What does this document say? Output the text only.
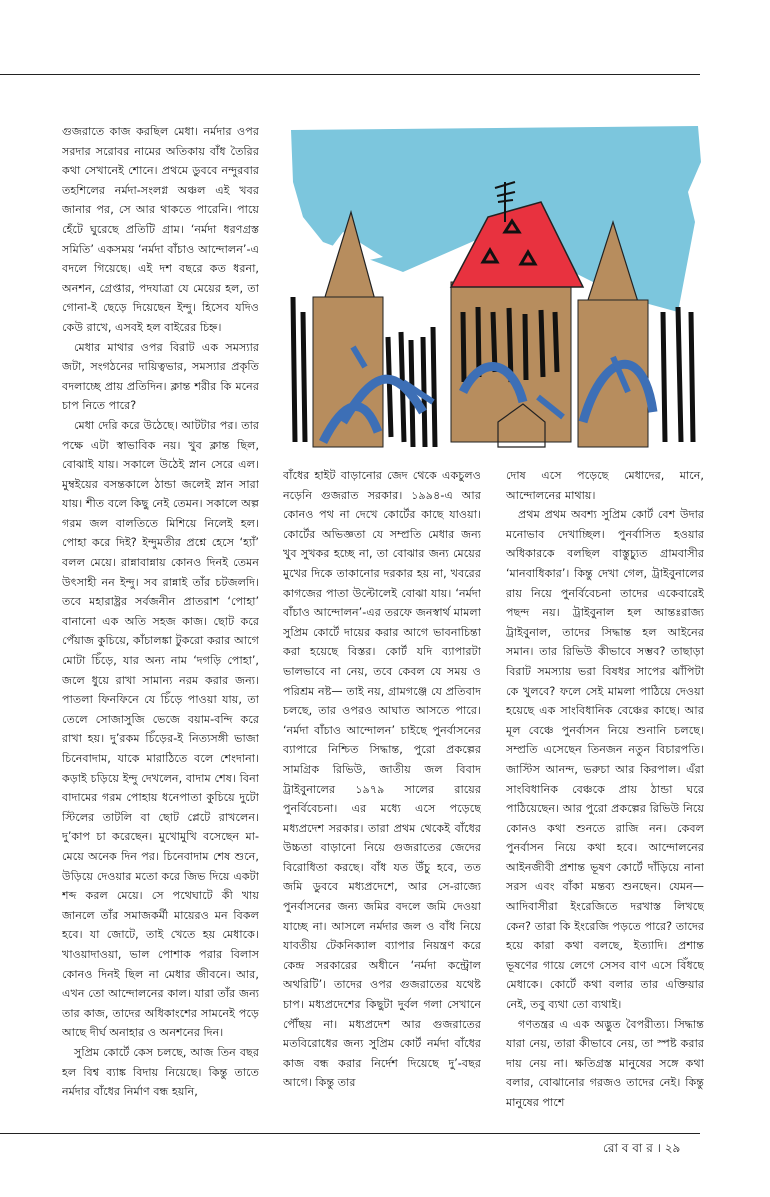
গুজরাতে কাজ করছিল মেধা। নর্মদার ওপর সরদার সরোবর নামের অতিকায় বাঁধ তৈরির কথা সেখানেই শোনে। প্রথমে ডুববে নন্দুরবার তহশিলের নর্মদা-সংলগ্ন অঞ্চল এই খবর জানার পর, সে আর থাকতে পারেনি। পায়ে হেঁটে ঘুরেছে প্রতিটি গ্রাম। ‘নর্মদা ধরণগ্রস্ত সমিতি’ একসময় ‘নর্মদা বাঁচাও আন্দোলন’-এ বদলে গিয়েছে। এই দশ বছরে কত ধরনা, অনশন, গ্রেপ্তার, পদযাত্রা যে মেয়ের হল, তা গোনা-ই ছেড়ে দিয়েছেন ইন্দু। হিসেব যদিও কেউ রাখে, এসবই হল বাইরের চিহ্ন।

মেধার মাথার ওপর বিরাট এক সমস্যার জটা, সংগঠনের দায়িত্বভার, সমস্যার প্রকৃতি বদলাচ্ছে প্রায় প্রতিদিন। ক্লান্ত শরীর কি মনের চাপ নিতে পারে?

মেধা দেরি করে উঠেছে। আটটার পর। তার পক্ষে এটা স্বাভাবিক নয়। খুব ক্লান্ত ছিল, বোঝাই যায়। সকালে উঠেই স্নান সেরে এল। মুম্বইয়ের বসন্তকালে ঠান্ডা জলেই স্নান সারা যায়। শীত বলে কিছু নেই তেমন। সকালে অল্প গরম জল বালতিতে মিশিয়ে নিলেই হল। পোহা করে দিই? ইন্দুমতীর প্রশ্নে হেসে ‘হ্যাঁ’ বলল মেয়ে। রান্নাবান্নায় কোনও দিনই তেমন উৎসাহী নন ইন্দু। সব রান্নাই তাঁর চটজলদি। তবে মহারাষ্ট্রর সর্বজনীন প্রাতরাশ ‘পোহা’ বানানো এক অতি সহজ কাজ। ছোট করে পেঁয়াজ কুচিয়ে, কাঁচালঙ্কা টুকরো করার আগে মোটা চিঁড়ে, যার অন্য নাম ‘দগড়ি পোহা’, জলে ধুয়ে রাখা সামান্য নরম করার জন্য। পাতলা ফিনফিনে যে চিঁড়ে পাওয়া যায়, তা তেলে সোজাসুজি ভেজে বয়াম-বন্দি করে রাখা হয়। দু’রকম চিঁড়ের-ই নিত্যসঙ্গী ভাজা চিনেবাদাম, যাকে মারাঠিতে বলে শেংদানা। কড়াই চড়িয়ে ইন্দু দেখলেন, বাদাম শেষ। বিনা বাদামের গরম পোহায় ধনেপাতা কুচিয়ে দুটো স্টিলের তাটলি বা ছোট প্লেটে রাখলেন। দু’কাপ চা করেছেন। মুখোমুখি বসেছেন মা-মেয়ে অনেক দিন পর। চিনেবাদাম শেষ শুনে, উড়িয়ে দেওয়ার মতো করে জিভ দিয়ে একটা শব্দ করল মেয়ে। সে পথেঘাটে কী খায় জানলে তাঁর সমাজকর্মী মায়েরও মন বিকল হবে। যা জোটে, তাই খেতে হয় মেধাকে। খাওয়াদাওয়া, ভাল পোশাক পরার বিলাস কোনও দিনই ছিল না মেধার জীবনে। আর, এখন তো আন্দোলনের কাল। যারা তাঁর জন্য তার কাজ, তাদের অধিকাংশের সামনেই পড়ে আছে দীর্ঘ অনাহার ও অনশনের দিন।

সুপ্রিম কোর্টে কেস চলছে, আজ তিন বছর হল বিশ্ব ব্যাঙ্ক বিদায় নিয়েছে। কিন্তু তাতে নর্মদার বাঁধের নির্মাণ বন্ধ হয়নি,

বাঁধের হাইট বাড়ানোর জেদ থেকে একচুলও নড়েনি গুজরাত সরকার। ১৯৯৪-এ আর কোনও পথ না দেখে কোর্টের কাছে যাওয়া। কোর্টের অভিজ্ঞতা যে সম্প্রতি মেধার জন্য খুব সুখকর হচ্ছে না, তা বোঝার জন্য মেয়ের মুখের দিকে তাকানোর দরকার হয় না, খবরের কাগজের পাতা উল্টোলেই বোঝা যায়। ‘নর্মদা বাঁচাও আন্দোলন’-এর তরফে জনস্বার্থ মামলা সুপ্রিম কোর্টে দায়ের করার আগে ভাবনাচিন্তা করা হয়েছে বিস্তর। কোর্ট যদি ব্যাপারটা ভালভাবে না নেয়, তবে কেবল যে সময় ও পরিশ্রম নষ্ট— তাই নয়, গ্রামগঞ্জে যে প্রতিবাদ চলছে, তার ওপরও আঘাত আসতে পারে। ‘নর্মদা বাঁচাও আন্দোলন’ চাইছে পুনর্বাসনের ব্যাপারে নিশ্চিত সিদ্ধান্ত, পুরো প্রকল্পের সামগ্রিক রিভিউ, জাতীয় জল বিবাদ ট্রাইবুনালের ১৯৭৯ সালের রায়ের পুনর্বিবেচনা। এর মধ্যে এসে পড়েছে মধ্যপ্রদেশ সরকার। তারা প্রথম থেকেই বাঁধের উচ্চতা বাড়ানো নিয়ে গুজরাতের জেদের বিরোধিতা করছে। বাঁধ যত উঁচু হবে, তত জমি ডুববে মধ্যপ্রদেশে, আর সে-রাজ্যে পুনর্বাসনের জন্য জমির বদলে জমি দেওয়া যাচ্ছে না। আসলে নর্মদার জল ও বাঁধ নিয়ে যাবতীয় টেকনিক্যাল ব্যাপার নিয়ন্ত্রণ করে কেন্দ্র সরকারের অধীনে ‘নর্মদা কন্ট্রোল অথরিটি’। তাদের ওপর গুজরাতের যথেষ্ট চাপ। মধ্যপ্রদেশের কিছুটা দুর্বল গলা সেখানে পৌঁছয় না। মধ্যপ্রদেশ আর গুজরাতের মতবিরোধের জন্য সুপ্রিম কোর্ট নর্মদা বাঁধের কাজ বন্ধ করার নির্দেশ দিয়েছে দু’-বছর আগে। কিন্তু তার

দোষ এসে পড়েছে মেধাদের, মানে, আন্দোলনের মাথায়।

প্রথম প্রথম অবশ্য সুপ্রিম কোর্ট বেশ উদার মনোভাব দেখাচ্ছিল। পুনর্বাসিত হওয়ার অধিকারকে বলছিল বাস্তুচ্যুত গ্রামবাসীর ‘মানবাধিকার’। কিন্তু দেখা গেল, ট্রাইবুনালের রায় নিয়ে পুনর্বিবেচনা তাদের একেবারেই পছন্দ নয়। ট্রাইবুনাল হল আন্তঃরাজ্য ট্রাইবুনাল, তাদের সিদ্ধান্ত হল আইনের সমান। তার রিভিউ কীভাবে সম্ভব? তাছাড়া বিরাট সমস্যায় ভরা বিষধর সাপের ঝাঁপিটা কে খুলবে? ফলে সেই মামলা পাঠিয়ে দেওয়া হয়েছে এক সাংবিধানিক বেঞ্চের কাছে। আর মূল বেঞ্চে পুনর্বাসন নিয়ে শুনানি চলছে। সম্প্রতি এসেছেন তিনজন নতুন বিচারপতি। জাস্টিস আনন্দ, ভরুচা আর কিরপাল। এঁরা সাংবিধানিক বেঞ্চকে প্রায় ঠান্ডা ঘরে পাঠিয়েছেন। আর পুরো প্রকল্পের রিভিউ নিয়ে কোনও কথা শুনতে রাজি নন। কেবল পুনর্বাসন নিয়ে কথা হবে। আন্দোলনের আইনজীবী প্রশান্ত ভূষণ কোর্টে দাঁড়িয়ে নানা সরস এবং বাঁকা মন্তব্য শুনছেন। যেমন— আদিবাসীরা ইংরেজিতে দরখাস্ত লিখছে কেন? তারা কি ইংরেজি পড়তে পারে? তাদের হয়ে কারা কথা বলছে, ইত্যাদি। প্রশান্ত ভূষণের গায়ে লেগে সেসব বাণ এসে বিঁধছে মেধাকে। কোর্টে কথা বলার তার এক্তিয়ার নেই, তবু ব্যথা তো ব্যথাই।

গণতন্ত্রর এ এক অদ্ভুত বৈপরীত্য। সিদ্ধান্ত যারা নেয়, তারা কীভাবে নেয়, তা স্পষ্ট করার দায় নেয় না। ক্ষতিগ্রস্ত মানুষের সঙ্গে কথা বলার, বোঝানোর গরজও তাদের নেই। কিন্তু মানুষের পাশে

রো ব বা র । ২৯
